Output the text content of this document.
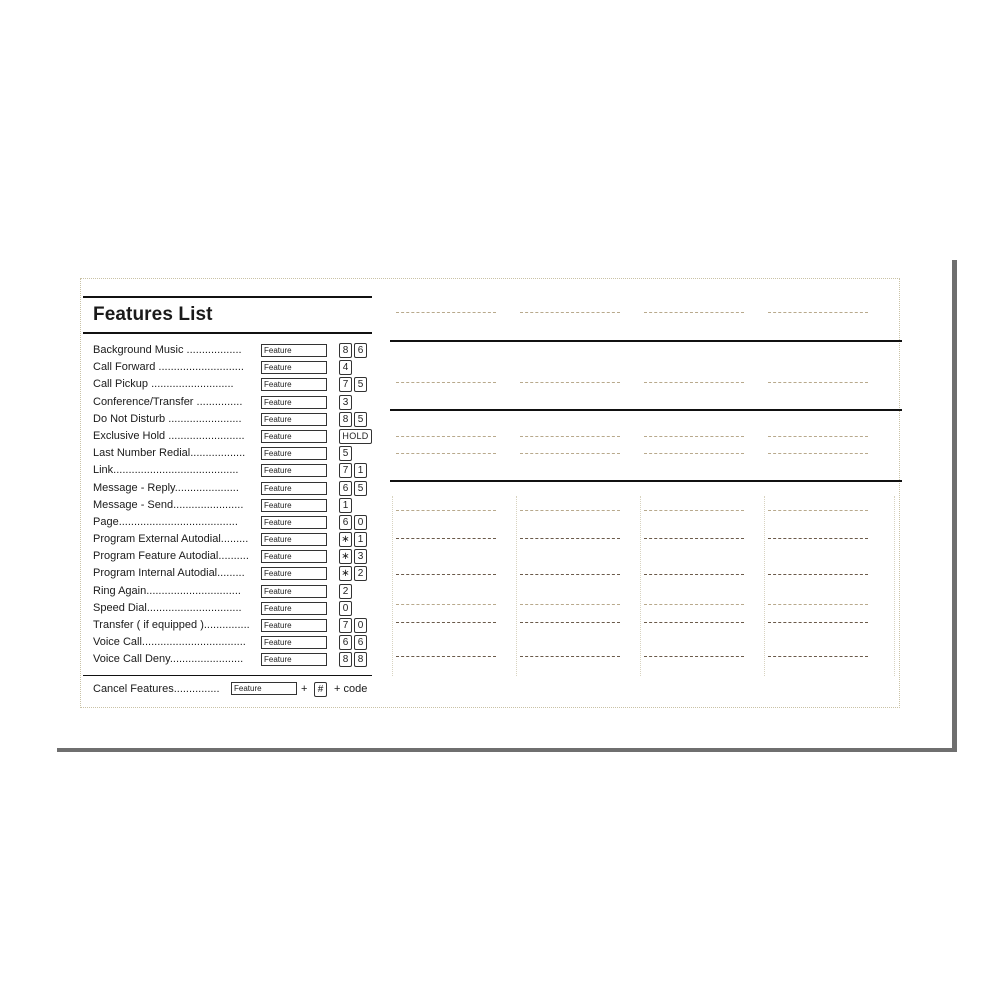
Features List
Background Music ..................	Feature	8 6
Call Forward ............................	Feature	4
Call Pickup ...........................	Feature	7 5
Conference/Transfer ...............	Feature	3
Do Not Disturb ........................	Feature	8 5
Exclusive Hold .........................	Feature	HOLD
Last Number Redial..................	Feature	5
Link.........................................	Feature	7 1
Message - Reply.....................	Feature	6 5
Message - Send.......................	Feature	1
Page.......................................	Feature	6 0
Program External Autodial.........	Feature	∗ 1
Program Feature Autodial..........	Feature	∗ 3
Program Internal Autodial.........	Feature	∗ 2
Ring Again...............................	Feature	2
Speed Dial...............................	Feature	0
Transfer ( if equipped )...............	Feature	7 0
Voice Call..................................	Feature	6 6
Voice Call Deny........................	Feature	8 8
Cancel Features...............	Feature	+	# + code
